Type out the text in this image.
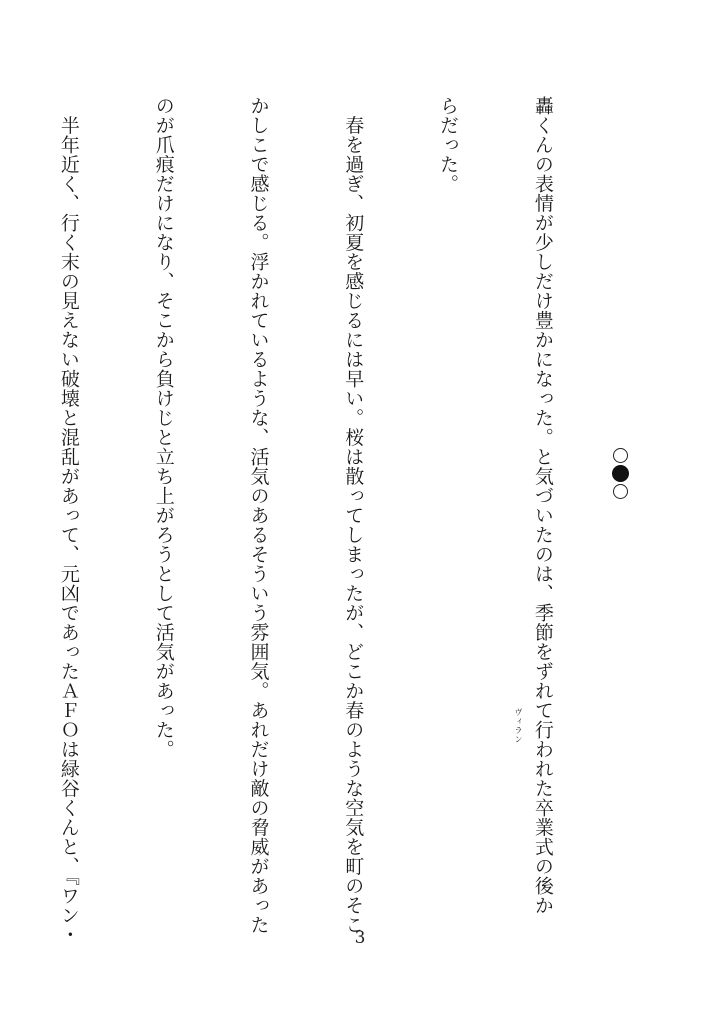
轟くんの表情が少しだけ豊かになった。と気づいたのは、季節をずれて行われた卒業式の後か

らだった。

　春を過ぎ、初夏を感じるには早い。桜は散ってしまったが、どこか春のような空気を町のそこ

かしこで感じる。浮かれているような、活気のあるそういう雰囲気。あれだけ敵の脅威があった

のが爪痕だけになり、そこから負けじと立ち上がろうとして活気があった。

　半年近く、行く末の見えない破壊と混乱があって、元凶であったＡＦＯは緑谷くんと、『ワン・

	ヴィラン
3
